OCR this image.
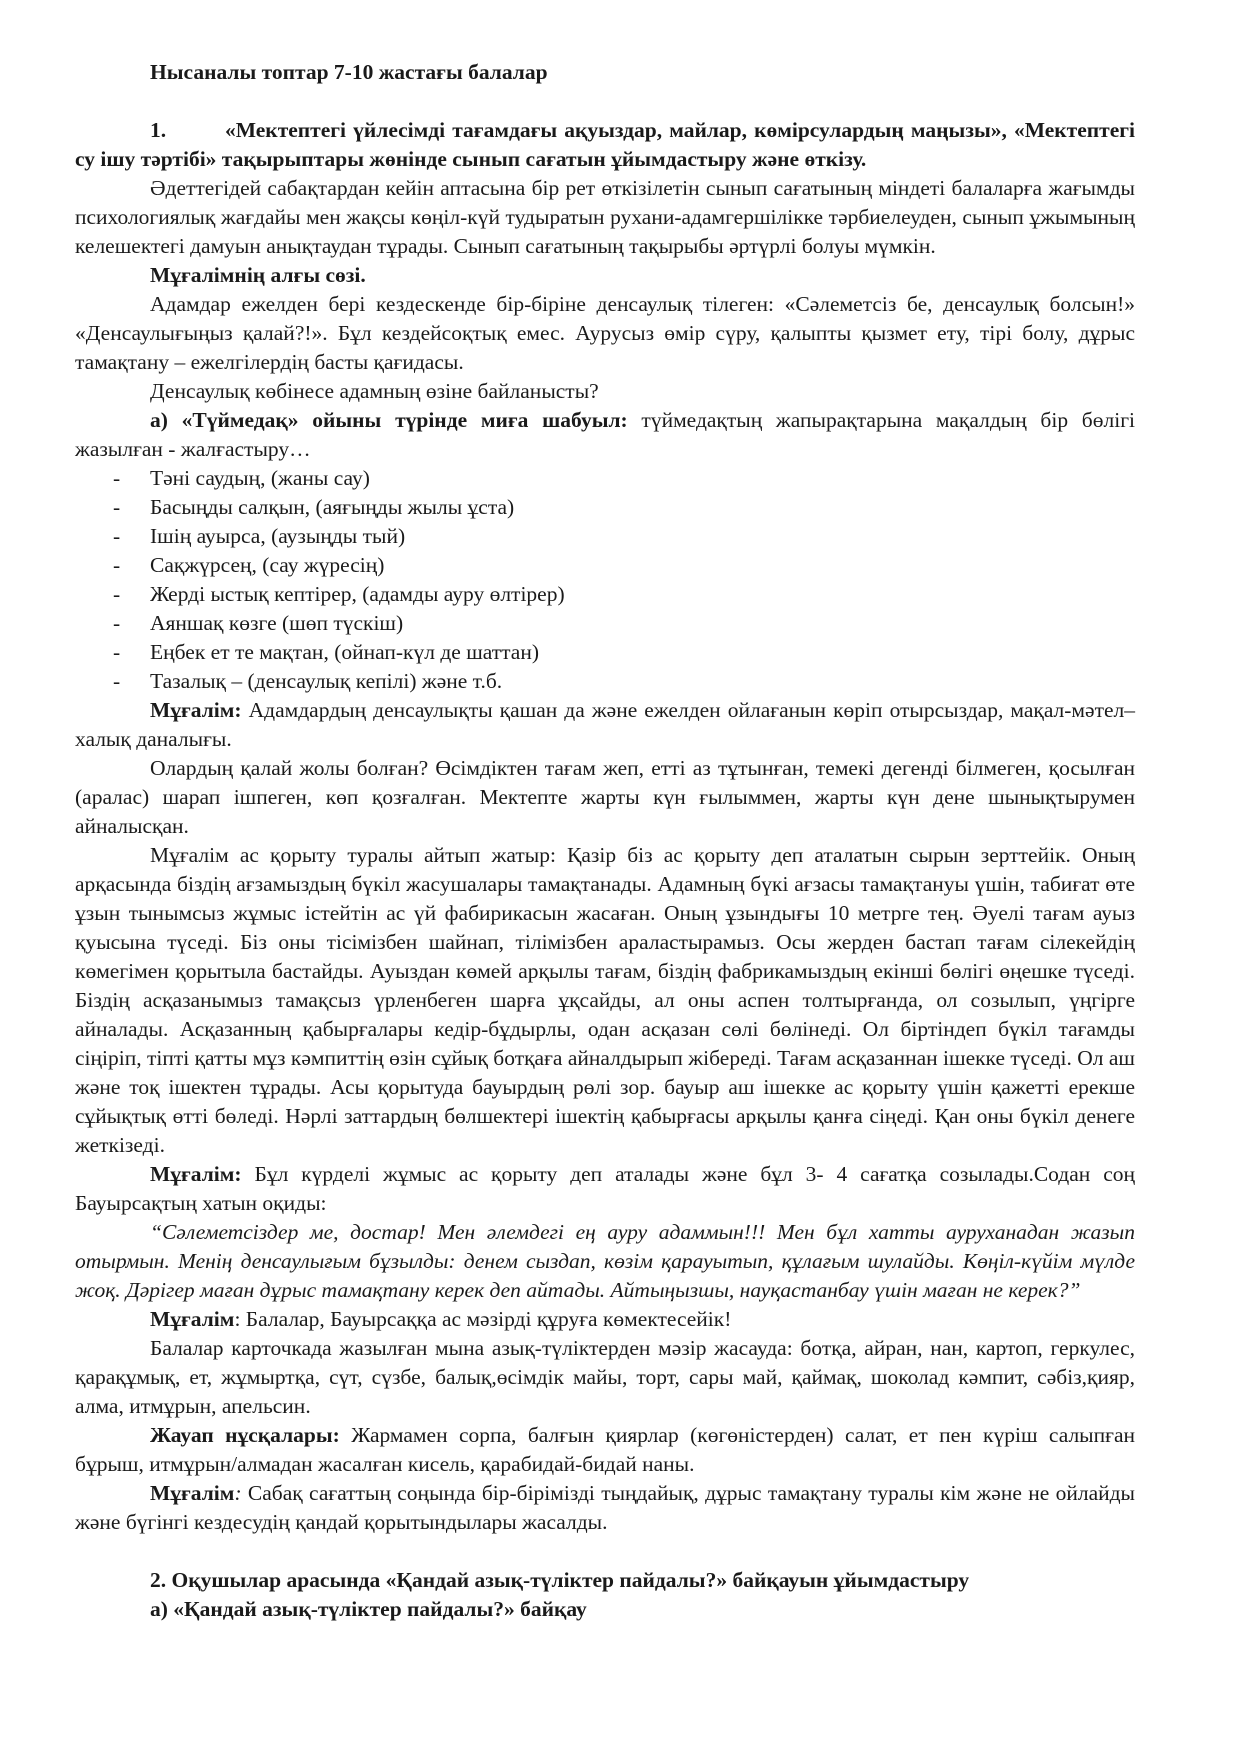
Нысаналы топтар 7-10 жастағы балалар

1.	«Мектептегі үйлесімді тағамдағы ақуыздар, майлар, көмірсулардың маңызы», «Мектептегі су ішу тәртібі» тақырыптары жөнінде сынып сағатын ұйымдастыру және өткізу.

Әдеттегідей сабақтардан кейін аптасына бір рет өткізілетін сынып сағатының міндеті балаларға жағымды психологиялық жағдайы мен жақсы көңіл-күй тудыратын рухани-адамгершілікке тәрбиелеуден, сынып ұжымының келешектегі дамуын анықтаудан тұрады. Сынып сағатының тақырыбы әртүрлі болуы мүмкін.

Мұғалімнің алғы сөзі.

Адамдар ежелден бері кездескенде бір-біріне денсаулық тілеген: «Сәлеметсіз бе, денсаулық болсын!» «Денсаулығыңыз қалай?!». Бұл кездейсоқтық емес. Аурусыз өмір сүру, қалыпты қызмет ету, тірі болу, дұрыс тамақтану – ежелгілердің басты қағидасы.

Денсаулық көбінесе адамның өзіне байланысты?

а) «Түймедақ» ойыны түрінде миға шабуыл: түймедақтың жапырақтарына мақалдың бір бөлігі жазылған - жалғастыру…

- Тәні саудың, (жаны сау)
- Басыңды салқын, (аяғыңды жылы ұста)
- Ішің ауырса, (аузыңды тый)
- Сақжүрсең, (сау жүресің)
- Жерді ыстық кептірер, (адамды ауру өлтірер)
- Аяншақ көзге (шөп түскіш)
- Еңбек ет те мақтан, (ойнап-күл де шаттан)
- Тазалық – (денсаулық кепілі) және т.б.

Мұғалім: Адамдардың денсаулықты қашан да және ежелден ойлағанын көріп отырсыздар, мақал-мәтел–халық даналығы.

Олардың қалай жолы болған? Өсімдіктен тағам жеп, етті аз тұтынған, темекі дегенді білмеген, қосылған (аралас) шарап ішпеген, көп қозғалған. Мектепте жарты күн ғылыммен, жарты күн дене шынықтырумен айналысқан.

Мұғалім ас қорыту туралы айтып жатыр: Қазір біз ас қорыту деп аталатын сырын зерттейік. Оның арқасында біздің ағзамыздың бүкіл жасушалары тамақтанады. Адамның бүкі ағзасы тамақтануы үшін, табиғат өте ұзын тынымсыз жұмыс істейтін ас үй фабирикасын жасаған. Оның ұзындығы 10 метрге тең. Әуелі тағам ауыз қуысына түседі. Біз оны тісімізбен шайнап, тілімізбен араластырамыз. Осы жерден бастап тағам сілекейдің көмегімен қорытыла бастайды. Ауыздан көмей арқылы тағам, біздің фабрикамыздың екінші бөлігі өңешке түседі. Біздің асқазанымыз тамақсыз үрленбеген шарға ұқсайды, ал оны аспен толтырғанда, ол созылып, үңгірге айналады. Асқазанның қабырғалары кедір-бұдырлы, одан асқазан сөлі бөлінеді. Ол біртіндеп бүкіл тағамды сіңіріп, тіпті қатты мұз кәмпиттің өзін сұйық ботқаға айналдырып жібереді. Тағам асқазаннан ішекке түседі. Ол аш және тоқ ішектен тұрады. Асы қорытуда бауырдың рөлі зор. бауыр аш ішекке ас қорыту үшін қажетті ерекше сұйықтық өтті бөледі. Нәрлі заттардың бөлшектері ішектің қабырғасы арқылы қанға сіңеді. Қан оны бүкіл денеге жеткізеді.

Мұғалім: Бұл күрделі жұмыс ас қорыту деп аталады және бұл 3- 4 сағатқа созылады.Содан соң Бауырсақтың хатын оқиды:

“Сәлеметсіздер ме, достар! Мен әлемдегі ең ауру адаммын!!! Мен бұл хатты ауруханадан жазып отырмын. Менің денсаулығым бұзылды: денем сыздап, көзім қарауытып, құлағым шулайды. Көңіл-күйім мүлде жоқ. Дәрігер маған дұрыс тамақтану керек деп айтады. Айтыңызшы, науқастанбау үшін маған не керек?”

Мұғалім: Балалар, Бауырсаққа ас мәзірді құруға көмектесейік!

Балалар карточкада жазылған мына азық-түліктерден мәзір жасауда: ботқа, айран, нан, картоп, геркулес, қарақұмық, ет, жұмыртқа, сүт, сүзбе, балық,өсімдік майы, торт, сары май, қаймақ, шоколад кәмпит, сәбіз,қияр, алма, итмұрын, апельсин.

Жауап нұсқалары: Жармамен сорпа, балғын қиярлар (көгөністерден) салат, ет пен күріш салыпған бұрыш, итмұрын/алмадан жасалған кисель, қарабидай-бидай наны.

Мұғалім: Сабақ сағаттың соңында бір-бірімізді тыңдайық, дұрыс тамақтану туралы кім және не ойлайды және бүгінгі кездесудің қандай қорытындылары жасалды.

2. Оқушылар арасында «Қандай азық-түліктер пайдалы?» байқауын ұйымдастыру

а) «Қандай азық-түліктер пайдалы?» байқау
